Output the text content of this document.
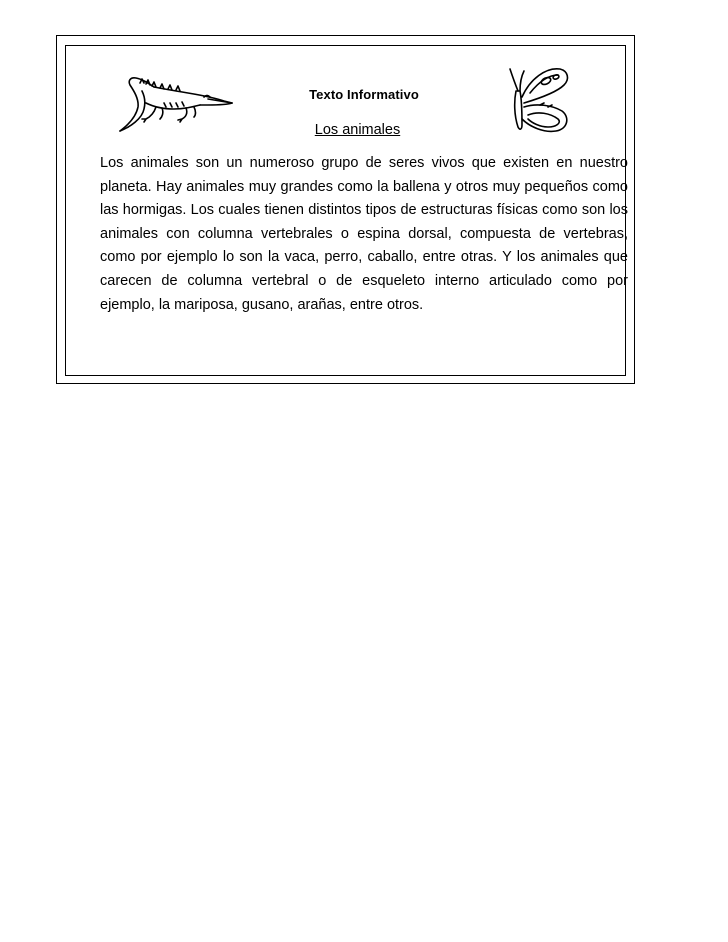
Texto Informativo
Los animales

Los animales son un numeroso grupo de seres vivos que existen en nuestro planeta. Hay animales muy grandes como la ballena y otros muy pequeños como las hormigas. Los cuales tienen distintos tipos de estructuras físicas como son los animales con columna vertebrales o espina dorsal, compuesta de vertebras, como por ejemplo lo son la vaca, perro, caballo, entre otras. Y los animales que carecen de columna vertebral o de esqueleto interno articulado como por ejemplo, la mariposa, gusano, arañas, entre otros.
